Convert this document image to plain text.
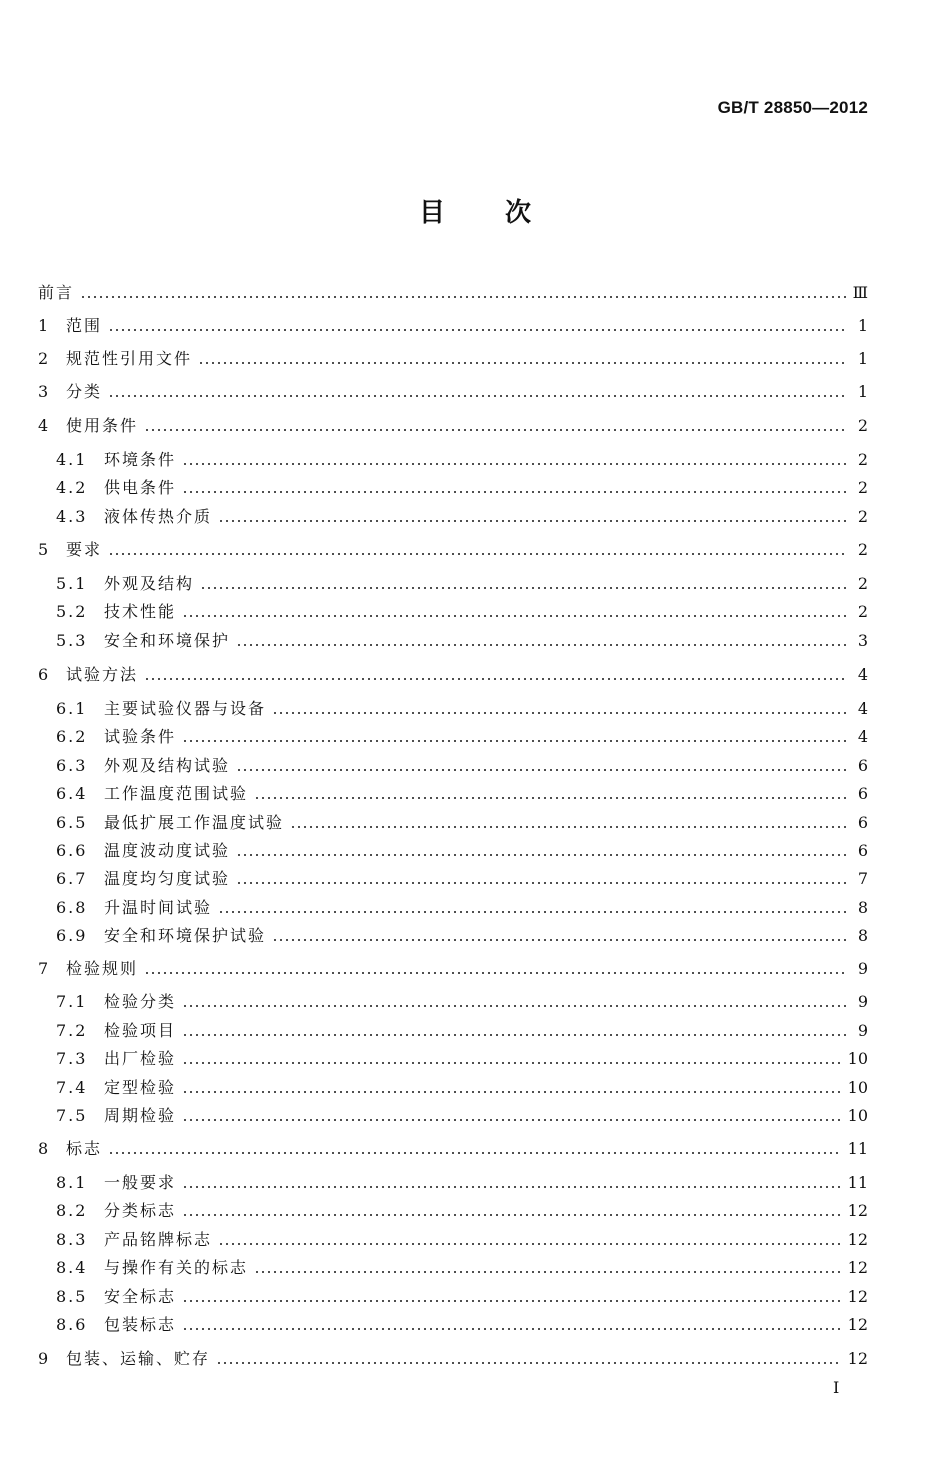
GB/T 28850—2012
目次
前言	Ⅲ
1	范围	1
2	规范性引用文件	1
3	分类	1
4	使用条件	2
4.1	环境条件	2
4.2	供电条件	2
4.3	液体传热介质	2
5	要求	2
5.1	外观及结构	2
5.2	技术性能	2
5.3	安全和环境保护	3
6	试验方法	4
6.1	主要试验仪器与设备	4
6.2	试验条件	4
6.3	外观及结构试验	6
6.4	工作温度范围试验	6
6.5	最低扩展工作温度试验	6
6.6	温度波动度试验	6
6.7	温度均匀度试验	7
6.8	升温时间试验	8
6.9	安全和环境保护试验	8
7	检验规则	9
7.1	检验分类	9
7.2	检验项目	9
7.3	出厂检验	10
7.4	定型检验	10
7.5	周期检验	10
8	标志	11
8.1	一般要求	11
8.2	分类标志	12
8.3	产品铭牌标志	12
8.4	与操作有关的标志	12
8.5	安全标志	12
8.6	包装标志	12
9	包装、运输、贮存	12
I
